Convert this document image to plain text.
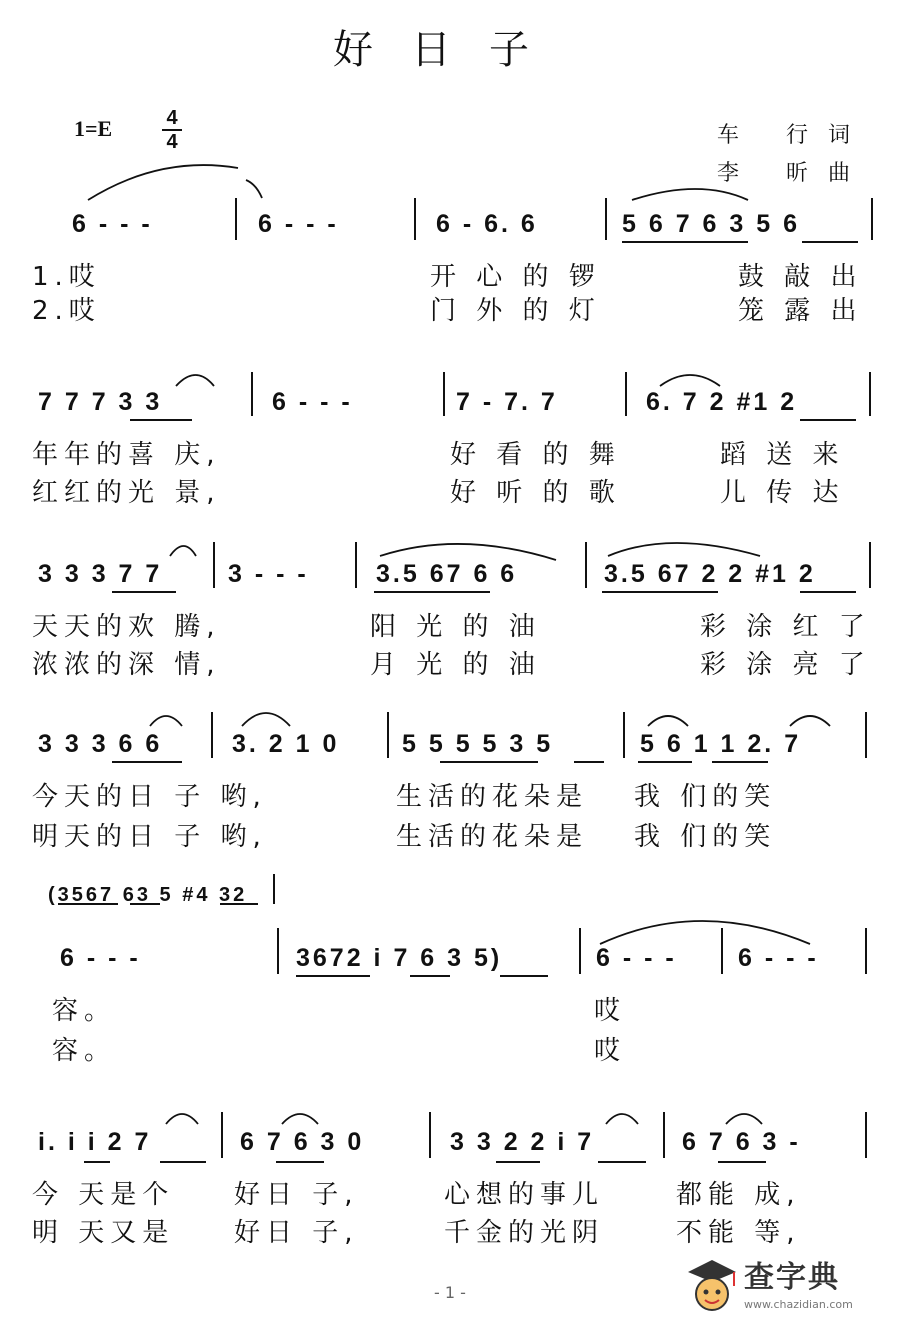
好日子
1=E	4
4	车 行词
李 昕曲
6 - - -	6 - - -	6 - 6. 6	5 6 7 6 3 5 6
1.哎	开 心 的 锣	鼓 敲 出
2.哎	门 外 的 灯	笼 露 出
7 7 7 3 3	6 - - -	7 - 7. 7	6. 7 2 #1 2
年年的喜 庆,	好 看 的 舞	蹈 送 来
红红的光 景,	好 听 的 歌	儿 传 达
3 3 3 7 7	3 - - -	3.5 67 6 6	3.5 67 2 2 #1 2
天天的欢 腾,	阳 光 的 油	彩 涂 红 了
浓浓的深 情,	月 光 的 油	彩 涂 亮 了
3 3 3 6 6	3. 2 1 0	5 5 5 5 3 5	5 6 1 1 2. 7
今天的日 子 哟,	生活的花朵是 我 们的笑
明天的日 子 哟,	生活的花朵是 我 们的笑
(3567 63 5 #4 32
6 - - -	3672 i 7 6 3 5)	6 - - - 6 - - -
容。	哎
容。	哎
i. i i 2 7	6 7 6 3 0	3 3 2 2 i 7	6 7 6 3 -
今 天是个 好日 子,	心想的事儿	都能 成,
明 天又是 好日 子,	千金的光阴	不能 等,
- 1 -	查字典
www.chazidian.com
